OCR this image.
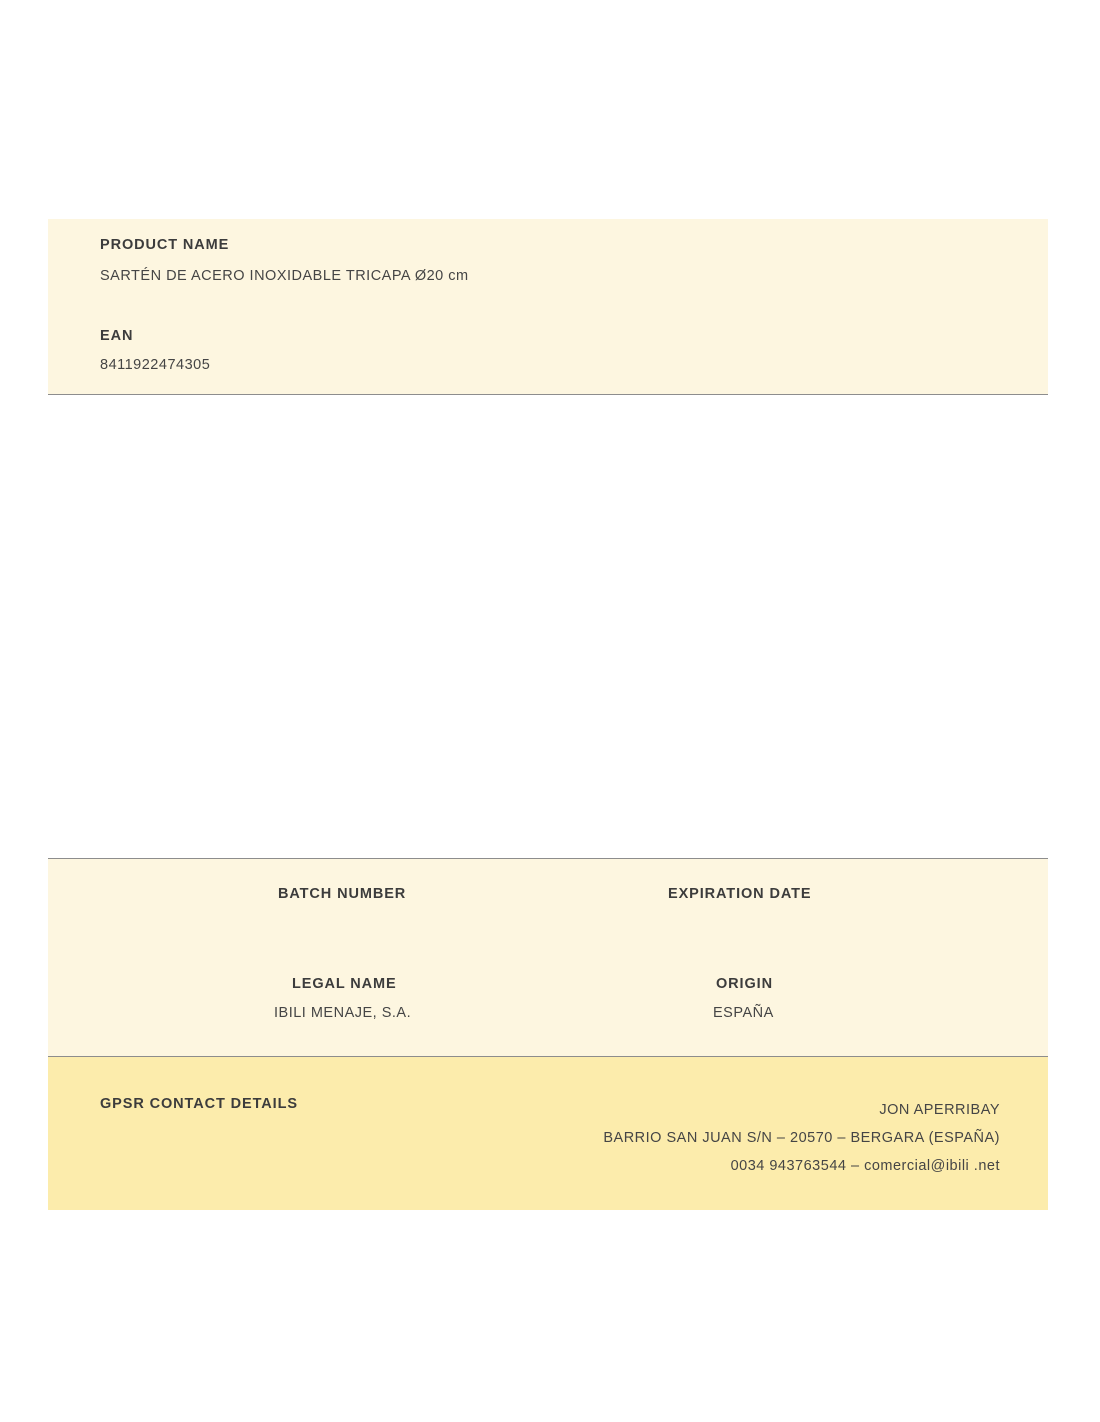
PRODUCT NAME
SARTÉN DE ACERO INOXIDABLE TRICAPA Ø20 cm
EAN
8411922474305
BATCH NUMBER	EXPIRATION DATE
LEGAL NAME
IBILI MENAJE, S.A.
ORIGIN
ESPAÑA
GPSR CONTACT DETAILS	JON APERRIBAY
BARRIO SAN JUAN S/N – 20570 – BERGARA (ESPAÑA)
0034 943763544 – comercial@ibili .net
